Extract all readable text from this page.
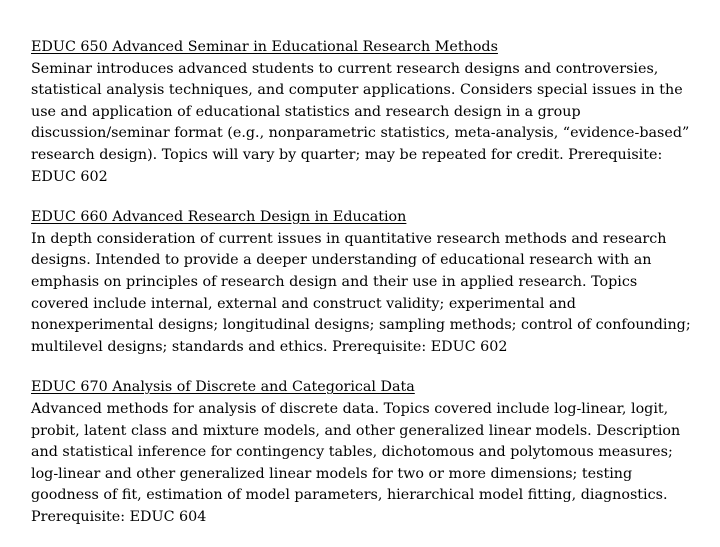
EDUC 650 Advanced Seminar in Educational Research Methods
Seminar introduces advanced students to current research designs and controversies, statistical analysis techniques, and computer applications. Considers special issues in the use and application of educational statistics and research design in a group discussion/seminar format (e.g., nonparametric statistics, meta-analysis, “evidence-based” research design). Topics will vary by quarter; may be repeated for credit. Prerequisite: EDUC 602
EDUC 660 Advanced Research Design in Education
In depth consideration of current issues in quantitative research methods and research designs. Intended to provide a deeper understanding of educational research with an emphasis on principles of research design and their use in applied research. Topics covered include internal, external and construct validity; experimental and nonexperimental designs; longitudinal designs; sampling methods; control of confounding; multilevel designs; standards and ethics. Prerequisite: EDUC 602
EDUC 670 Analysis of Discrete and Categorical Data
Advanced methods for analysis of discrete data. Topics covered include log-linear, logit, probit, latent class and mixture models, and other generalized linear models. Description and statistical inference for contingency tables, dichotomous and polytomous measures; log-linear and other generalized linear models for two or more dimensions; testing goodness of fit, estimation of model parameters, hierarchical model fitting, diagnostics. Prerequisite: EDUC 604
